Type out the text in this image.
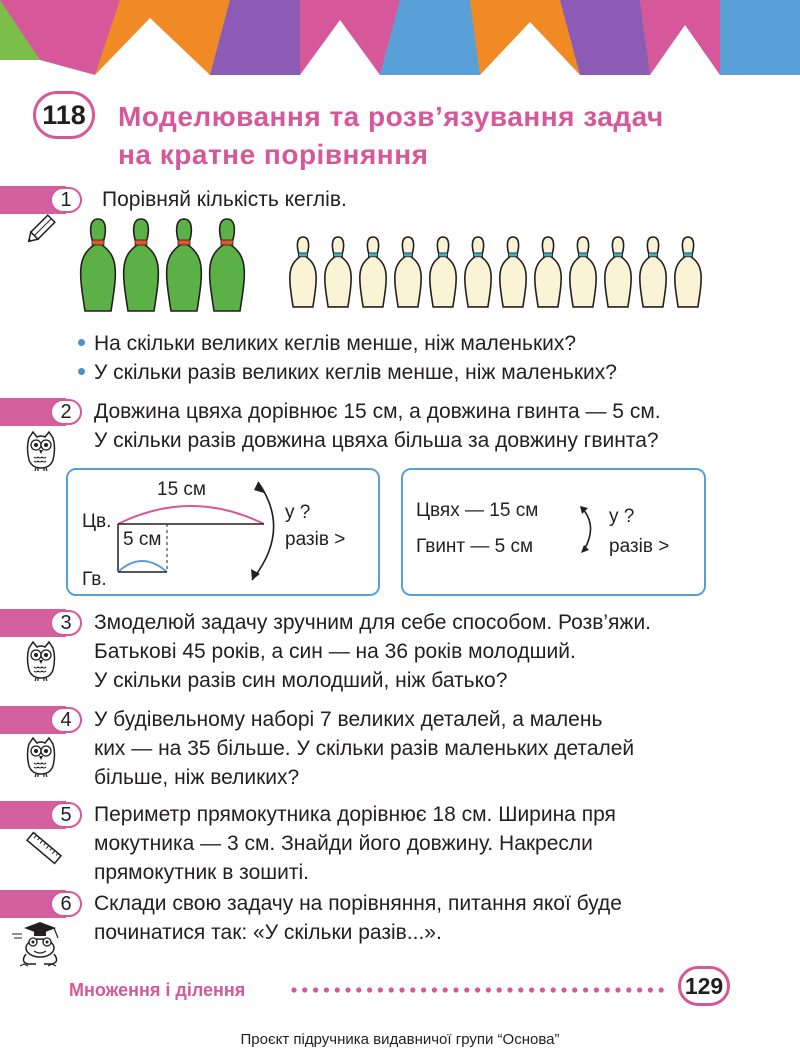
118	Моделювання та розв’язування задач
на кратне порівняння
1	Порівняй кількість кеглів.
На скільки великих кеглів менше, ніж маленьких?
У скільки разів великих кеглів менше, ніж маленьких?
2	Довжина цвяха дорівнює 15 см, а довжина гвинта — 5 см.
У скільки разів довжина цвяха більша за довжину гвинта?
15 см
Цв.
5 см
Гв.
у ?
разів >
Цвях — 15 см
Гвинт — 5 см
у ?
разів >
3	Змоделюй задачу зручним для себе способом. Розв’яжи.
Батькові 45 років, а син — на 36 років молодший.
У скільки разів син молодший, ніж батько?
4	У будівельному наборі 7 великих деталей, а малень
ких — на 35 більше. У скільки разів маленьких деталей
більше, ніж великих?
5	Периметр прямокутника дорівнює 18 см. Ширина пря
мокутника — 3 см. Знайди його довжину. Накресли
прямокутник в зошиті.
6	Склади свою задачу на порівняння, питання якої буде
починатися так: «У скільки разів...».
Множення і ділення	129
Проєкт підручника видавничої групи “Основа”
